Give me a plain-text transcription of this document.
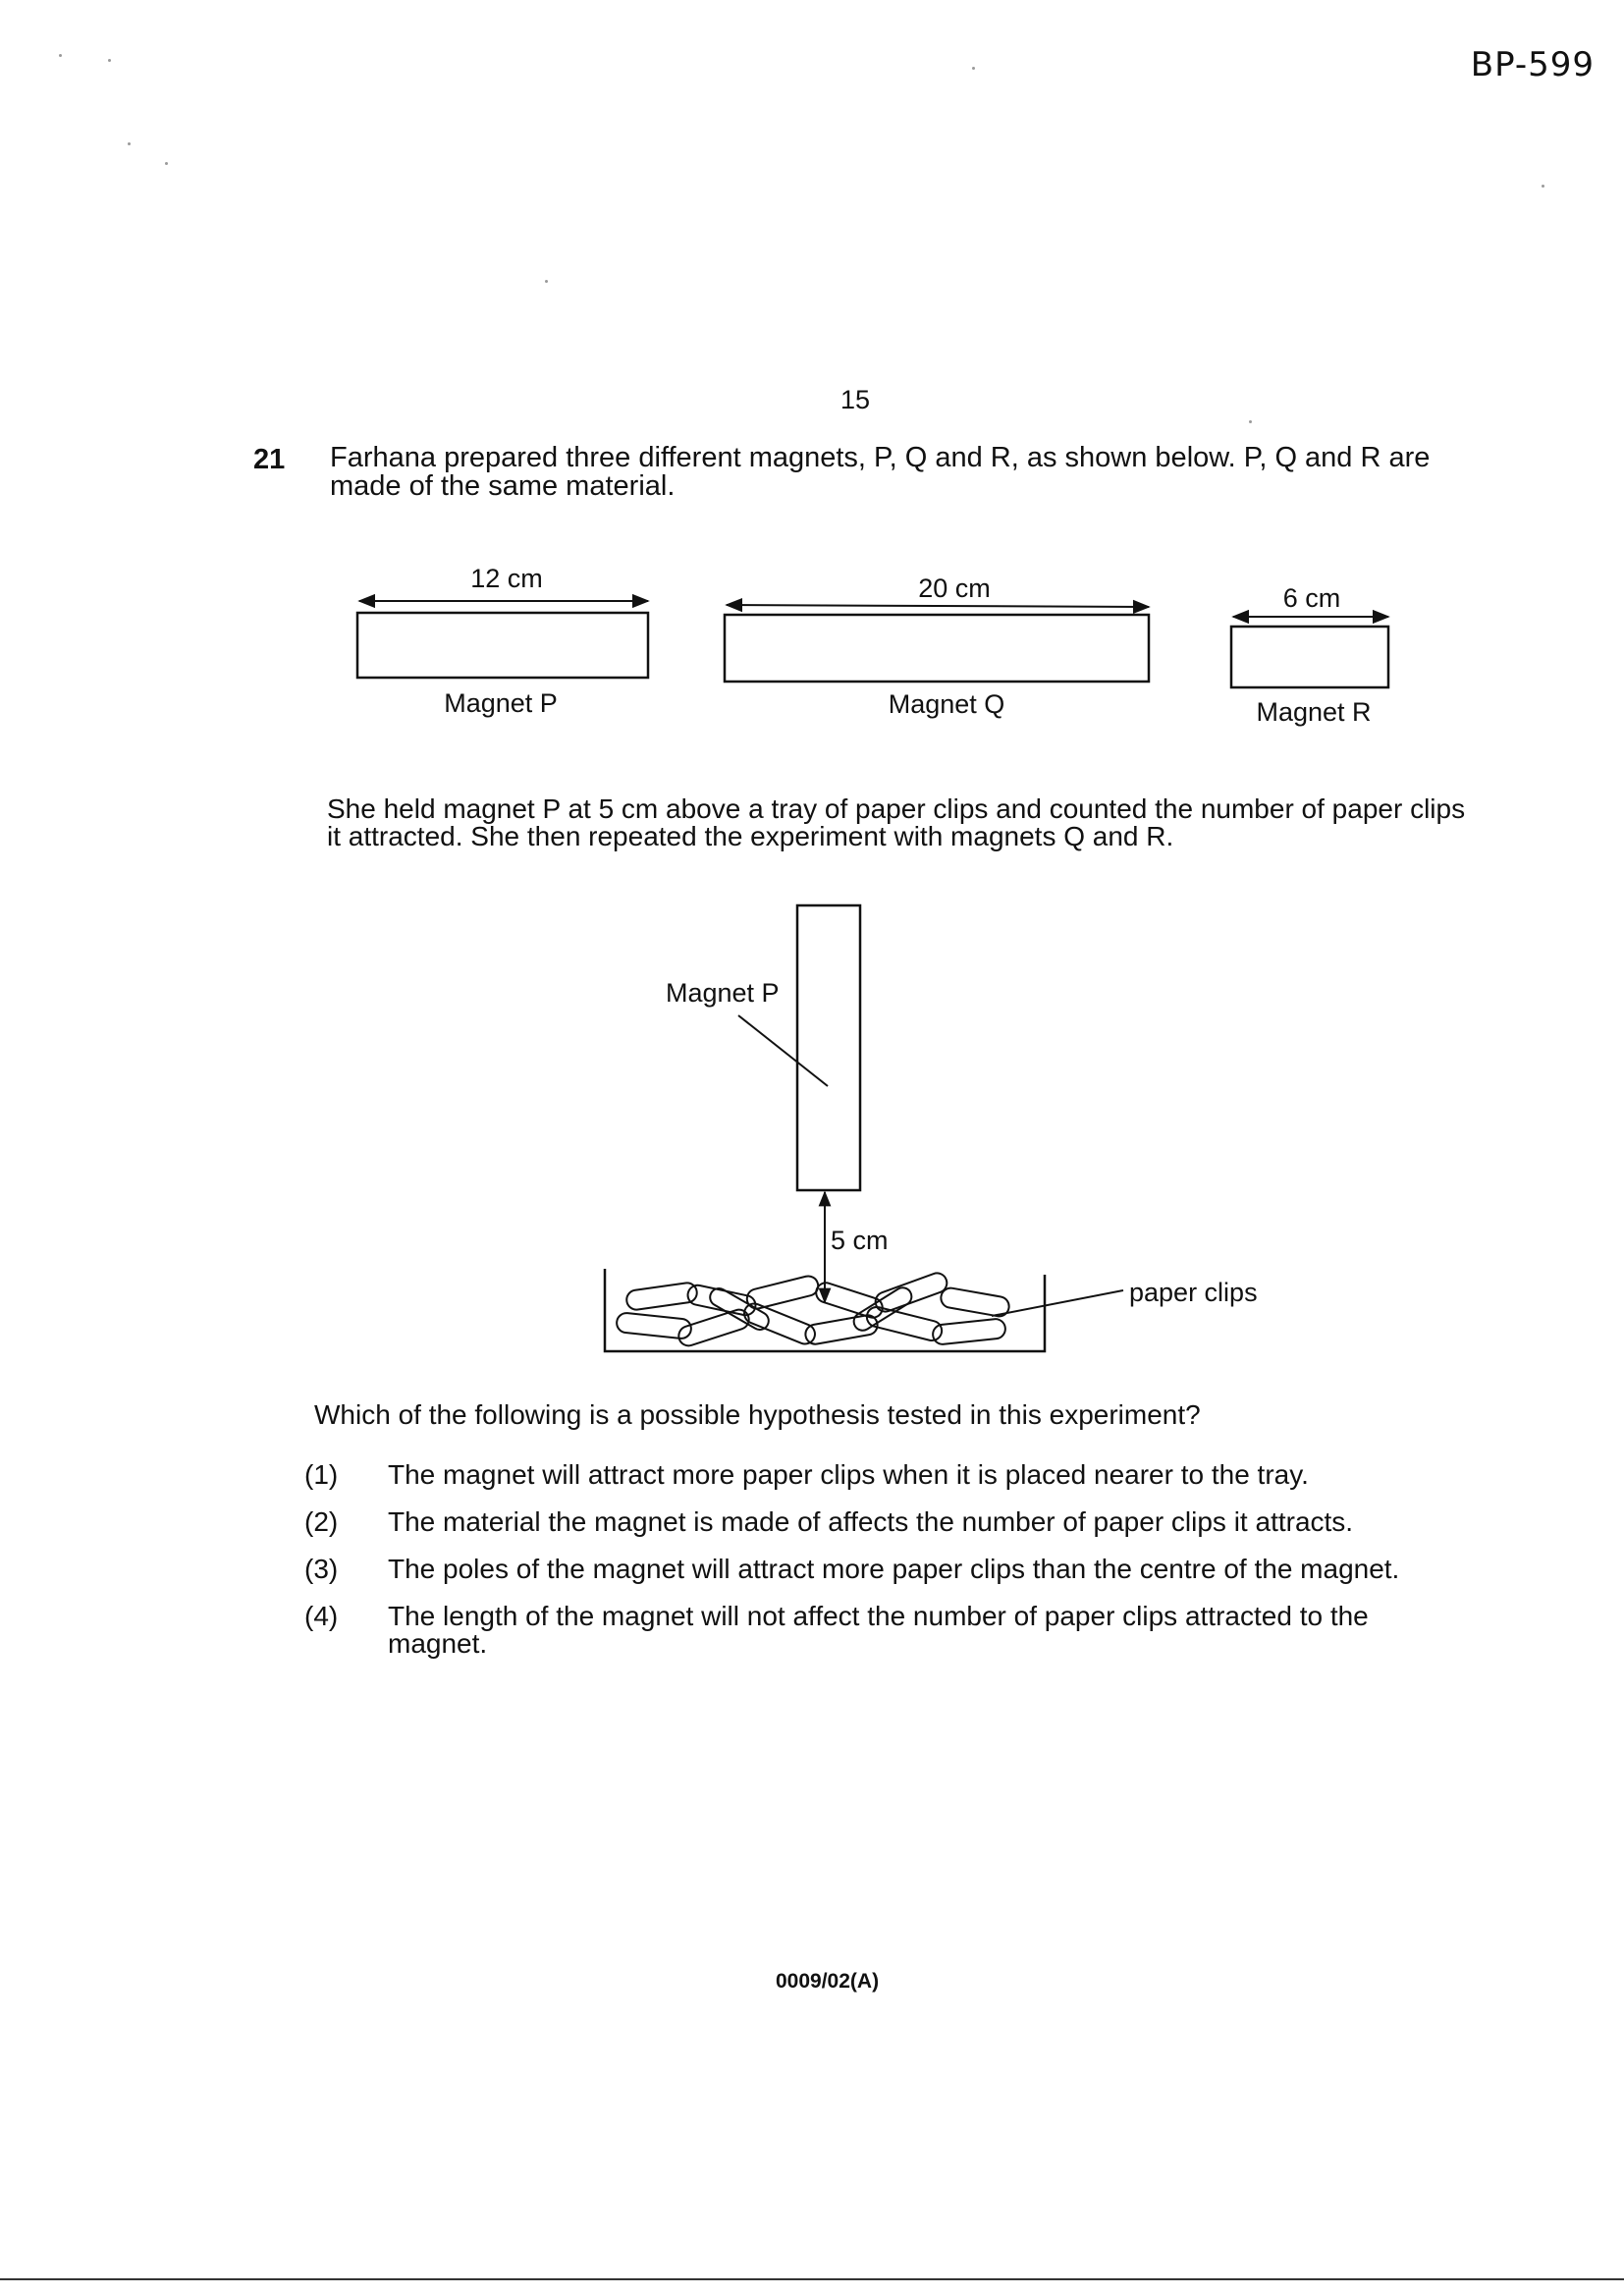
BP-599
15
21 Farhana prepared three different magnets, P, Q and R, as shown below. P, Q and R are made of the same material.
12 cm
Magnet P
20 cm
Magnet Q
6 cm
Magnet R
She held magnet P at 5 cm above a tray of paper clips and counted the number of paper clips it attracted. She then repeated the experiment with magnets Q and R.
Magnet P
5 cm
paper clips
Which of the following is a possible hypothesis tested in this experiment?
(1)	The magnet will attract more paper clips when it is placed nearer to the tray.
(2)	The material the magnet is made of affects the number of paper clips it attracts.
(3)	The poles of the magnet will attract more paper clips than the centre of the magnet.
(4)	The length of the magnet will not affect the number of paper clips attracted to the magnet.
0009/02(A)
